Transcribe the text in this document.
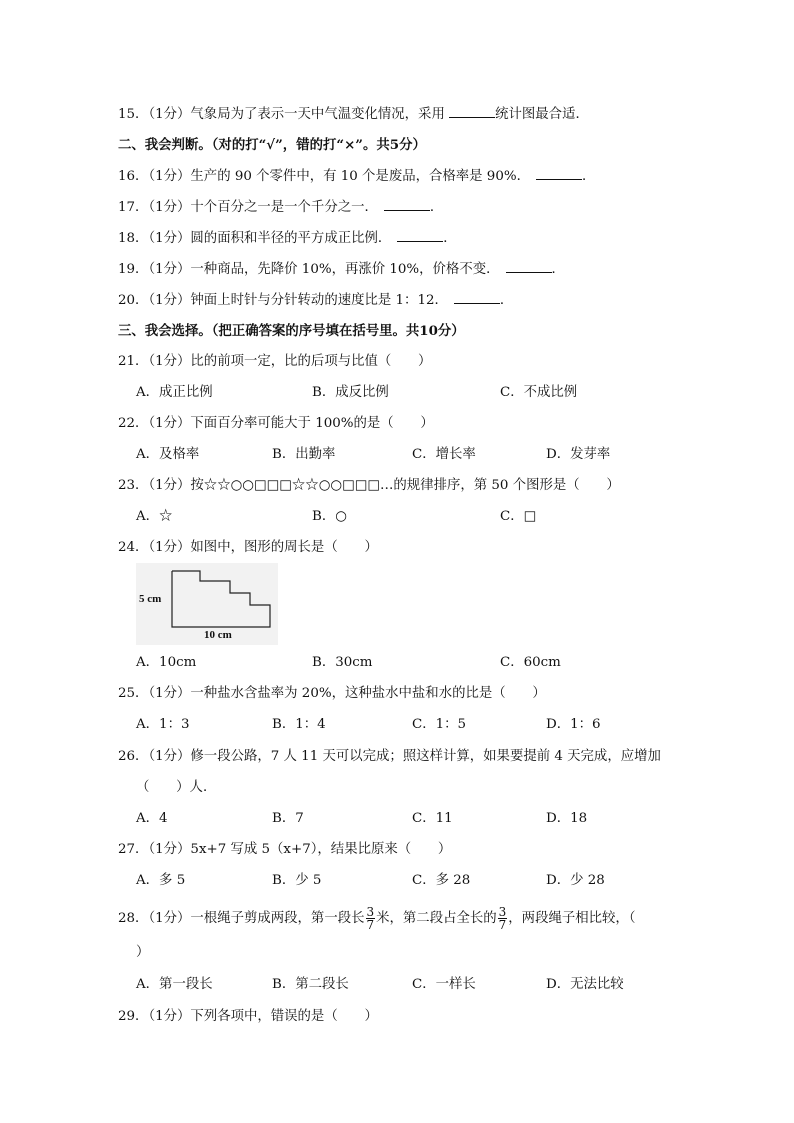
15．（1分）气象局为了表示一天中气温变化情况，采用	统计图最合适．
二、我会判断。（对的打“√”，错的打“×”。共5分）
16．（1分）生产的 90 个零件中，有 10 个是废品，合格率是 90%．	．
17．（1分）十个百分之一是一个千分之一．	．
18．（1分）圆的面积和半径的平方成正比例．	．
19．（1分）一种商品，先降价 10%，再涨价 10%，价格不变．	．
20．（1分）钟面上时针与分针转动的速度比是 1：12．	．
三、我会选择。（把正确答案的序号填在括号里。共10分）
21．（1分）比的前项一定，比的后项与比值（　　）
A．成正比例	B．成反比例	C．不成比例
22．（1分）下面百分率可能大于 100%的是（　　）
A．及格率	B．出勤率	C．增长率	D．发芽率
23．（1分）按☆☆○○□□□☆☆○○□□□…的规律排序，第 50 个图形是（　　）
A．☆	B．○	C．□
24．（1分）如图中，图形的周长是（　　）
5 cm
10 cm
A．10cm	B．30cm	C．60cm
25．（1分）一种盐水含盐率为 20%，这种盐水中盐和水的比是（　　）
A．1：3	B．1：4	C．1：5	D．1：6
26．（1分）修一段公路，7 人 11 天可以完成；照这样计算，如果要提前 4 天完成，应增加
（　　）人．
A．4	B．7	C．11	D．18
27．（1分）5x+7 写成 5（x+7），结果比原来（　　）
A．多 5	B．少 5	C．多 28	D．少 28
28．（1分）一根绳子剪成两段，第一段长 $\frac{3}{7}$ 米，第二段占全长的 $\frac{3}{7}$ ，两段绳子相比较，（
）
A．第一段长	B．第二段长	C．一样长	D．无法比较
29．（1分）下列各项中，错误的是（　　）
